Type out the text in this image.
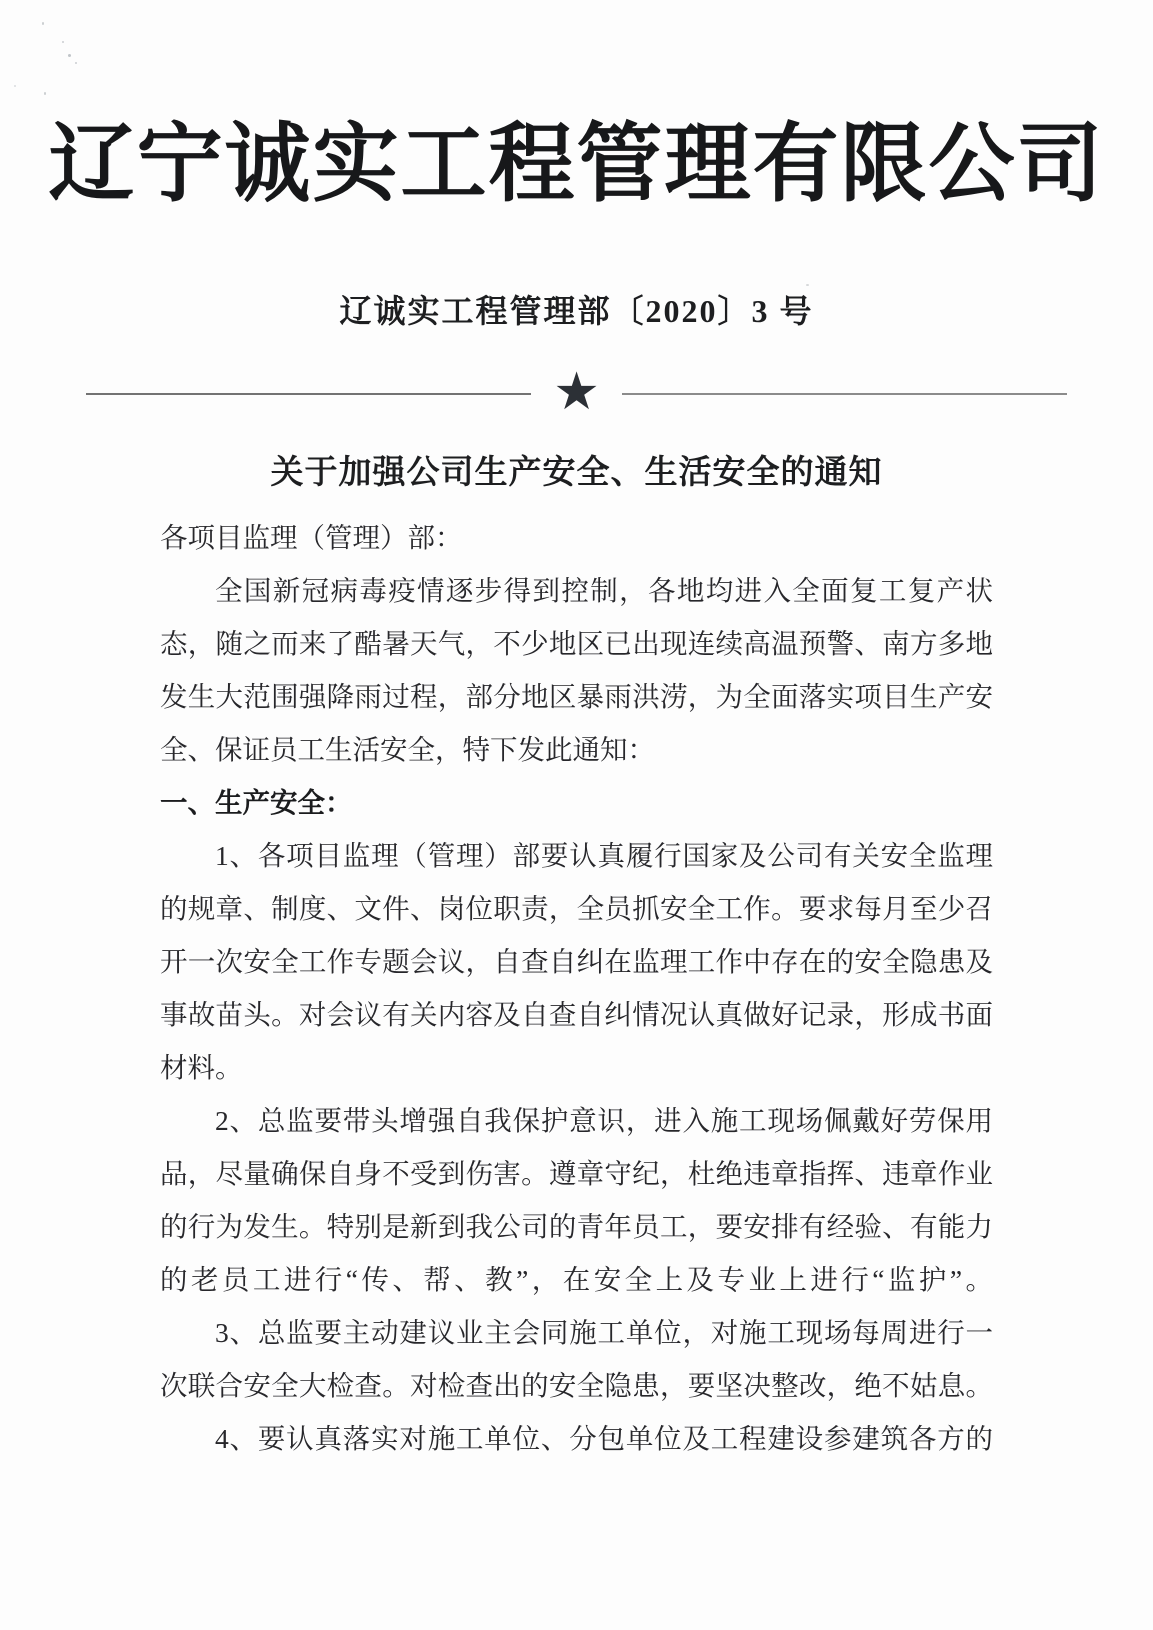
辽宁诚实工程管理有限公司
辽诚实工程管理部〔2020〕3 号
★
关于加强公司生产安全、生活安全的通知
各项目监理（管理）部：
全国新冠病毒疫情逐步得到控制，各地均进入全面复工复产状
态，随之而来了酷暑天气，不少地区已出现连续高温预警、南方多地
发生大范围强降雨过程，部分地区暴雨洪涝，为全面落实项目生产安
全、保证员工生活安全，特下发此通知：
一、生产安全：
1、各项目监理（管理）部要认真履行国家及公司有关安全监理
的规章、制度、文件、岗位职责，全员抓安全工作。要求每月至少召
开一次安全工作专题会议，自查自纠在监理工作中存在的安全隐患及
事故苗头。对会议有关内容及自查自纠情况认真做好记录，形成书面
材料。
2、总监要带头增强自我保护意识，进入施工现场佩戴好劳保用
品，尽量确保自身不受到伤害。遵章守纪，杜绝违章指挥、违章作业
的行为发生。特别是新到我公司的青年员工，要安排有经验、有能力
的老员工进行“传、帮、教”，在安全上及专业上进行“监护”。
3、总监要主动建议业主会同施工单位，对施工现场每周进行一
次联合安全大检查。对检查出的安全隐患，要坚决整改，绝不姑息。
4、要认真落实对施工单位、分包单位及工程建设参建筑各方的
